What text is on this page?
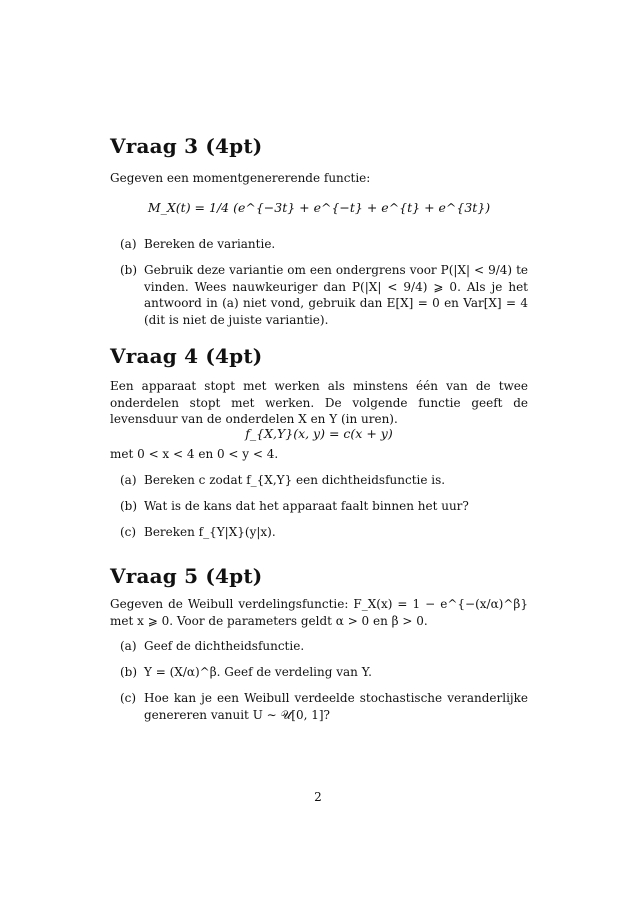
Vraag 3 (4pt)

Gegeven een momentgenererende functie:

M_X(t) = 1/4 (e^{−3t} + e^{−t} + e^{t} + e^{3t})
(a) Bereken de variantie.
(b) Gebruik deze variantie om een ondergrens voor P(|X| < 9/4) te vinden. Wees nauwkeuriger dan P(|X| < 9/4) ⩾ 0. Als je het antwoord in (a) niet vond, gebruik dan E[X] = 0 en Var[X] = 4 (dit is niet de juiste variantie).
Vraag 4 (4pt)

Een apparaat stopt met werken als minstens één van de twee onderdelen stopt met werken. De volgende functie geeft de levensduur van de onderdelen X en Y (in uren).

f_{X,Y}(x, y) = c(x + y)

met 0 < x < 4 en 0 < y < 4.

(a) Bereken c zodat f_{X,Y} een dichtheidsfunctie is.
(b) Wat is de kans dat het apparaat faalt binnen het uur?
(c) Bereken f_{Y|X}(y|x).
Vraag 5 (4pt)

Gegeven de Weibull verdelingsfunctie: F_X(x) = 1 − e^{−(x/α)^β} met x ⩾ 0. Voor de parameters geldt α > 0 en β > 0.

(a) Geef de dichtheidsfunctie.
(b) Y = (X/α)^β. Geef de verdeling van Y.
(c) Hoe kan je een Weibull verdeelde stochastische veranderlijke genereren vanuit U ∼ 𝒰[0, 1]?
2
